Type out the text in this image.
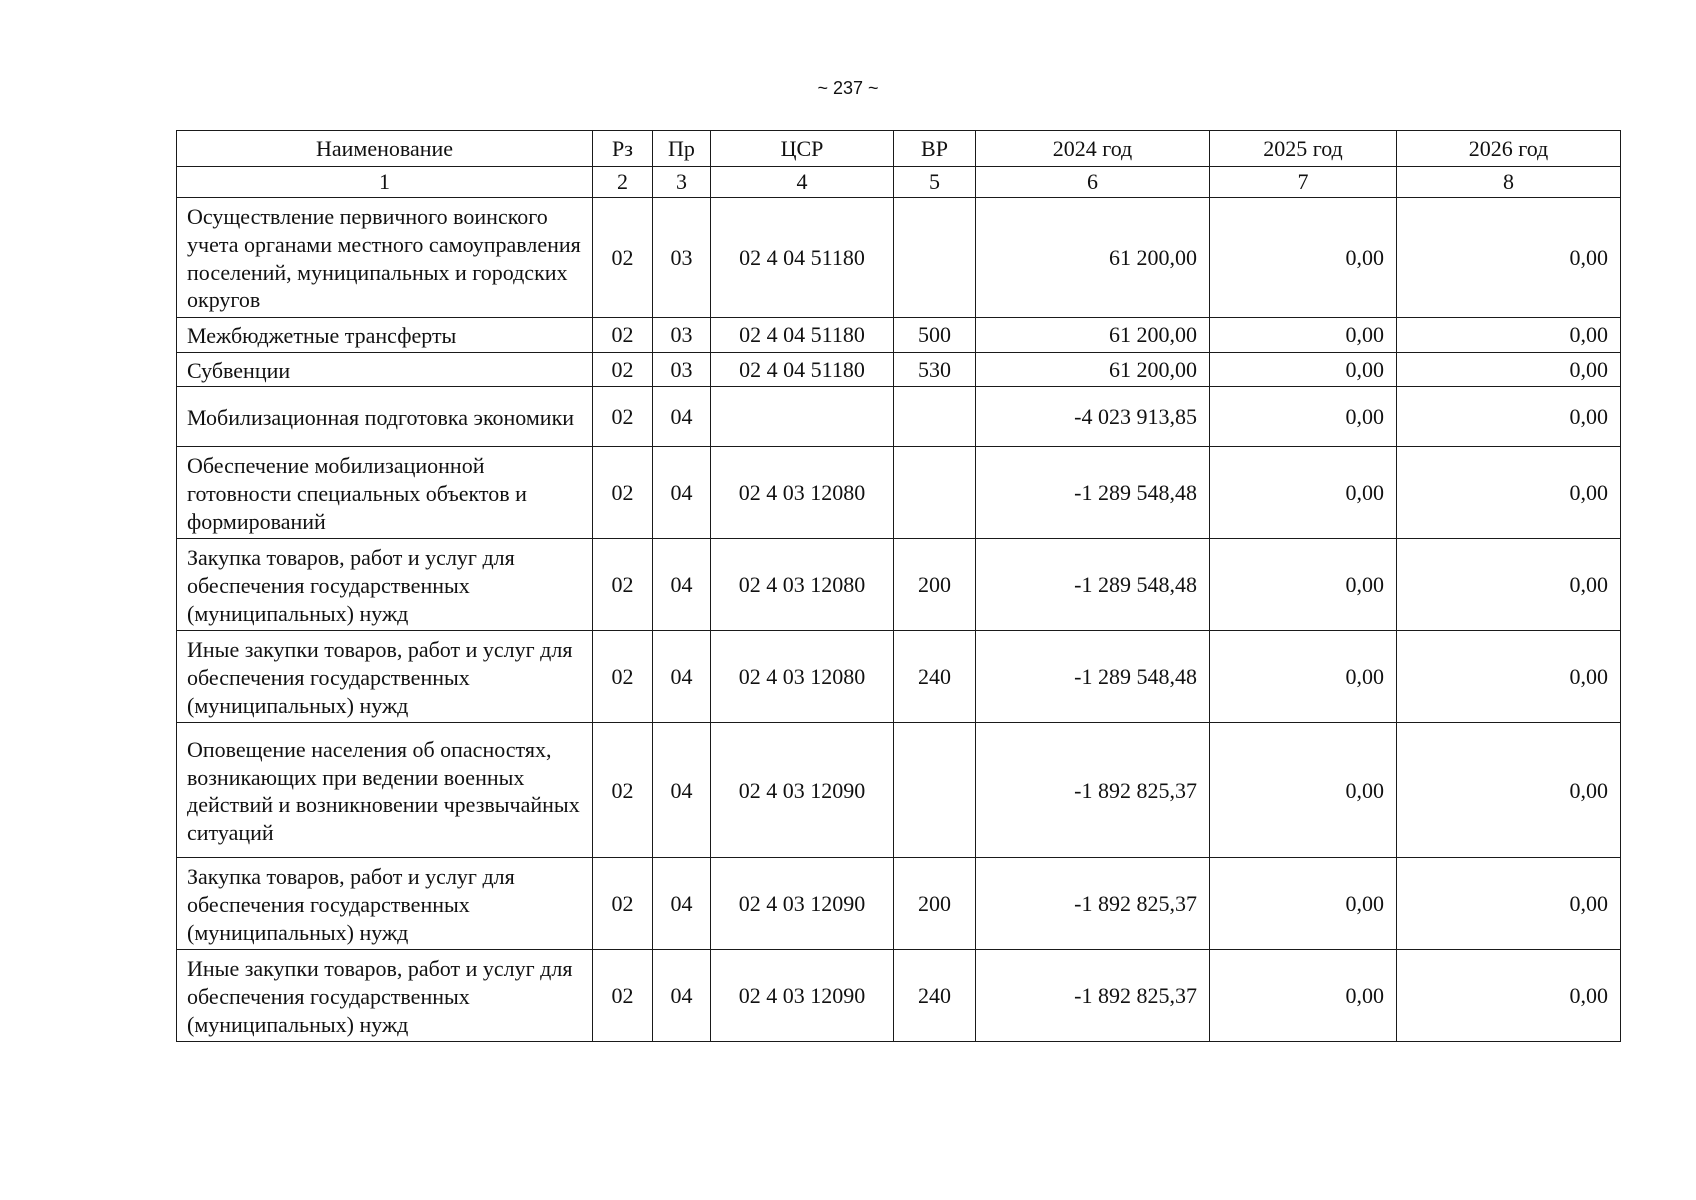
~ 237 ~
Наименование	Рз	Пр	ЦСР	ВР	2024 год	2025 год	2026 год
1	2	3	4	5	6	7	8
Осуществление первичного воинского учета органами местного самоуправления поселений, муниципальных и городских округов	02	03	02 4 04 51180		61 200,00	0,00	0,00
Межбюджетные трансферты	02	03	02 4 04 51180	500	61 200,00	0,00	0,00
Субвенции	02	03	02 4 04 51180	530	61 200,00	0,00	0,00
Мобилизационная подготовка экономики	02	04			-4 023 913,85	0,00	0,00
Обеспечение мобилизационной готовности специальных объектов и формирований	02	04	02 4 03 12080		-1 289 548,48	0,00	0,00
Закупка товаров, работ и услуг для обеспечения государственных (муниципальных) нужд	02	04	02 4 03 12080	200	-1 289 548,48	0,00	0,00
Иные закупки товаров, работ и услуг для обеспечения государственных (муниципальных) нужд	02	04	02 4 03 12080	240	-1 289 548,48	0,00	0,00
Оповещение населения об опасностях, возникающих при ведении военных действий и возникновении чрезвычайных ситуаций	02	04	02 4 03 12090		-1 892 825,37	0,00	0,00
Закупка товаров, работ и услуг для обеспечения государственных (муниципальных) нужд	02	04	02 4 03 12090	200	-1 892 825,37	0,00	0,00
Иные закупки товаров, работ и услуг для обеспечения государственных (муниципальных) нужд	02	04	02 4 03 12090	240	-1 892 825,37	0,00	0,00
